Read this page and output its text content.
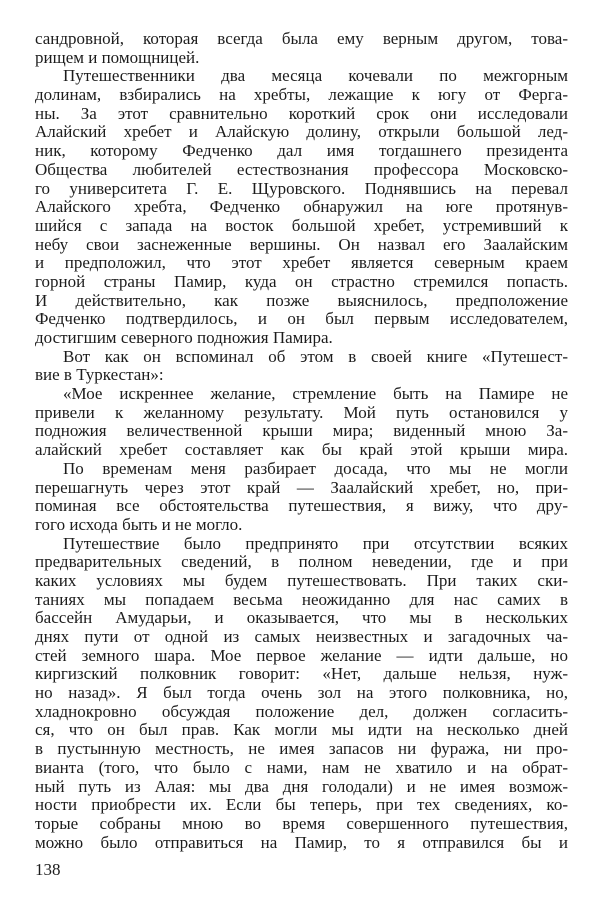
сандровной, которая всегда была ему верным другом, това-
рищем и помощницей.
Путешественники два месяца кочевали по межгорным
долинам, взбирались на хребты, лежащие к югу от Ферга-
ны. За этот сравнительно короткий срок они исследовали
Алайский хребет и Алайскую долину, открыли большой лед-
ник, которому Федченко дал имя тогдашнего президента
Общества любителей естествознания профессора Московско-
го университета Г. Е. Щуровского. Поднявшись на перевал
Алайского хребта, Федченко обнаружил на юге протянув-
шийся с запада на восток большой хребет, устремивший к
небу свои заснеженные вершины. Он назвал его Заалайским
и предположил, что этот хребет является северным краем
горной страны Памир, куда он страстно стремился попасть.
И действительно, как позже выяснилось, предположение
Федченко подтвердилось, и он был первым исследователем,
достигшим северного подножия Памира.
Вот как он вспоминал об этом в своей книге «Путешест-
вие в Туркестан»:
«Мое искреннее желание, стремление быть на Памире не
привели к желанному результату. Мой путь остановился у
подножия величественной крыши мира; виденный мною За-
алайский хребет составляет как бы край этой крыши мира.
По временам меня разбирает досада, что мы не могли
перешагнуть через этот край — Заалайский хребет, но, при-
поминая все обстоятельства путешествия, я вижу, что дру-
гого исхода быть и не могло.
Путешествие было предпринято при отсутствии всяких
предварительных сведений, в полном неведении, где и при
каких условиях мы будем путешествовать. При таких ски-
таниях мы попадаем весьма неожиданно для нас самих в
бассейн Амударьи, и оказывается, что мы в нескольких
днях пути от одной из самых неизвестных и загадочных ча-
стей земного шара. Мое первое желание — идти дальше, но
киргизский полковник говорит: «Нет, дальше нельзя, нуж-
но назад». Я был тогда очень зол на этого полковника, но,
хладнокровно обсуждая положение дел, должен согласить-
ся, что он был прав. Как могли мы идти на несколько дней
в пустынную местность, не имея запасов ни фуража, ни про-
вианта (того, что было с нами, нам не хватило и на обрат-
ный путь из Алая: мы два дня голодали) и не имея возмож-
ности приобрести их. Если бы теперь, при тех сведениях, ко-
торые собраны мною во время совершенного путешествия,
можно было отправиться на Памир, то я отправился бы и
138
